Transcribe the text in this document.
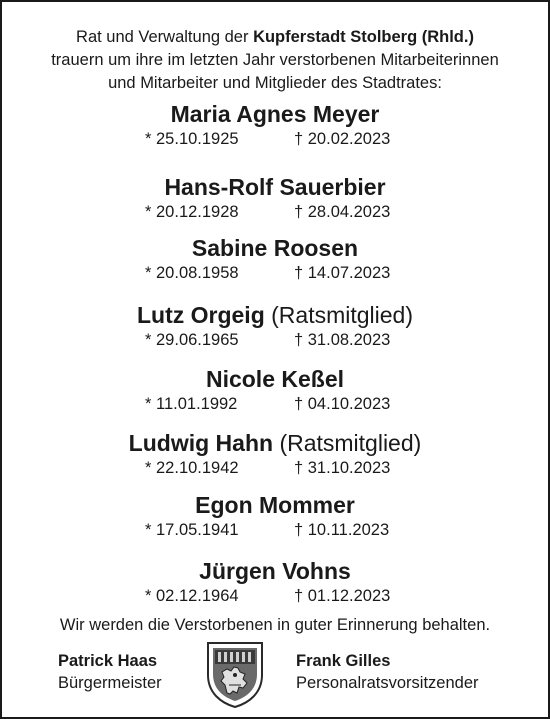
Rat und Verwaltung der Kupferstadt Stolberg (Rhld.)
trauern um ihre im letzten Jahr verstorbenen Mitarbeiterinnen
und Mitarbeiter und Mitglieder des Stadtrates:
Maria Agnes Meyer
* 25.10.1925	† 20.02.2023
Hans-Rolf Sauerbier
* 20.12.1928	† 28.04.2023
Sabine Roosen
* 20.08.1958	† 14.07.2023
Lutz Orgeig (Ratsmitglied)
* 29.06.1965	† 31.08.2023
Nicole Keßel
* 11.01.1992	† 04.10.2023
Ludwig Hahn (Ratsmitglied)
* 22.10.1942	† 31.10.2023
Egon Mommer
* 17.05.1941	† 10.11.2023
Jürgen Vohns
* 02.12.1964	† 01.12.2023
Wir werden die Verstorbenen in guter Erinnerung behalten.
Patrick Haas
Bürgermeister
Frank Gilles
Personalratsvorsitzender
